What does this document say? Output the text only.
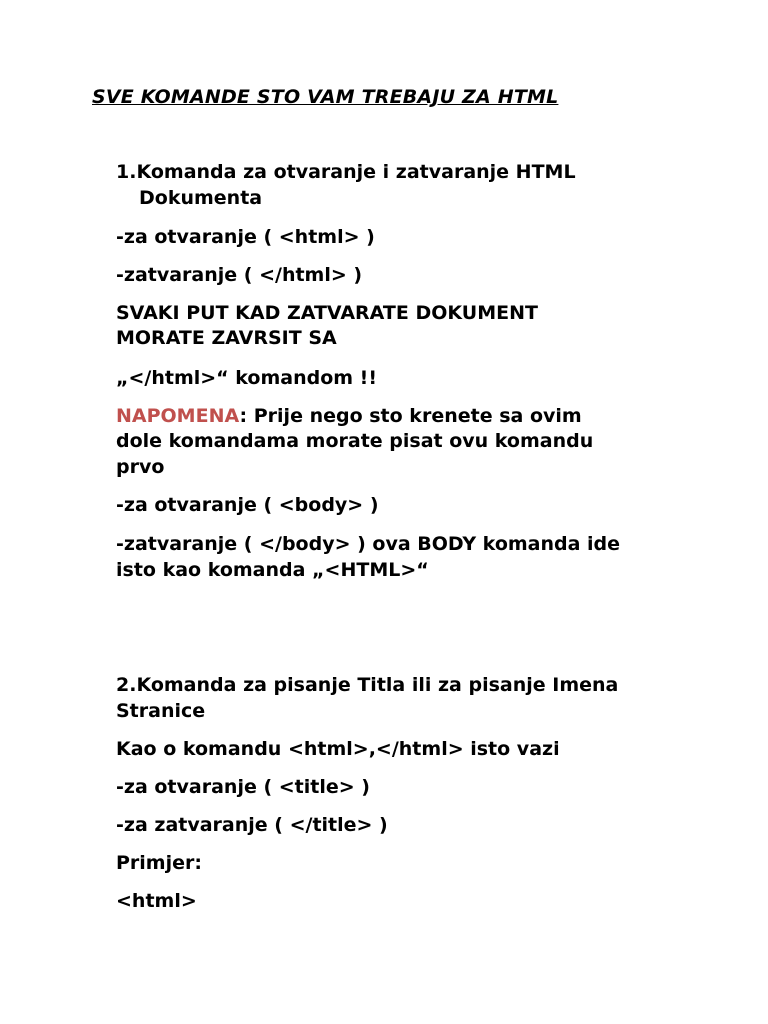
SVE KOMANDE STO VAM TREBAJU ZA HTML

1.Komanda za otvaranje i zatvaranje HTML

Dokumenta

-za otvaranje ( <html> )

-zatvaranje ( </html> )

SVAKI PUT KAD ZATVARATE DOKUMENT

MORATE ZAVRSIT SA

„</html>“ komandom !!

NAPOMENA: Prije nego sto krenete sa ovim

dole komandama morate pisat ovu komandu

prvo

-za otvaranje ( <body> )

-zatvaranje ( </body> ) ova BODY komanda ide

isto kao komanda „<HTML>“

2.Komanda za pisanje Titla ili za pisanje Imena

Stranice

Kao o komandu <html>,</html> isto vazi

-za otvaranje ( <title> )

-za zatvaranje ( </title> )

Primjer:

<html>
